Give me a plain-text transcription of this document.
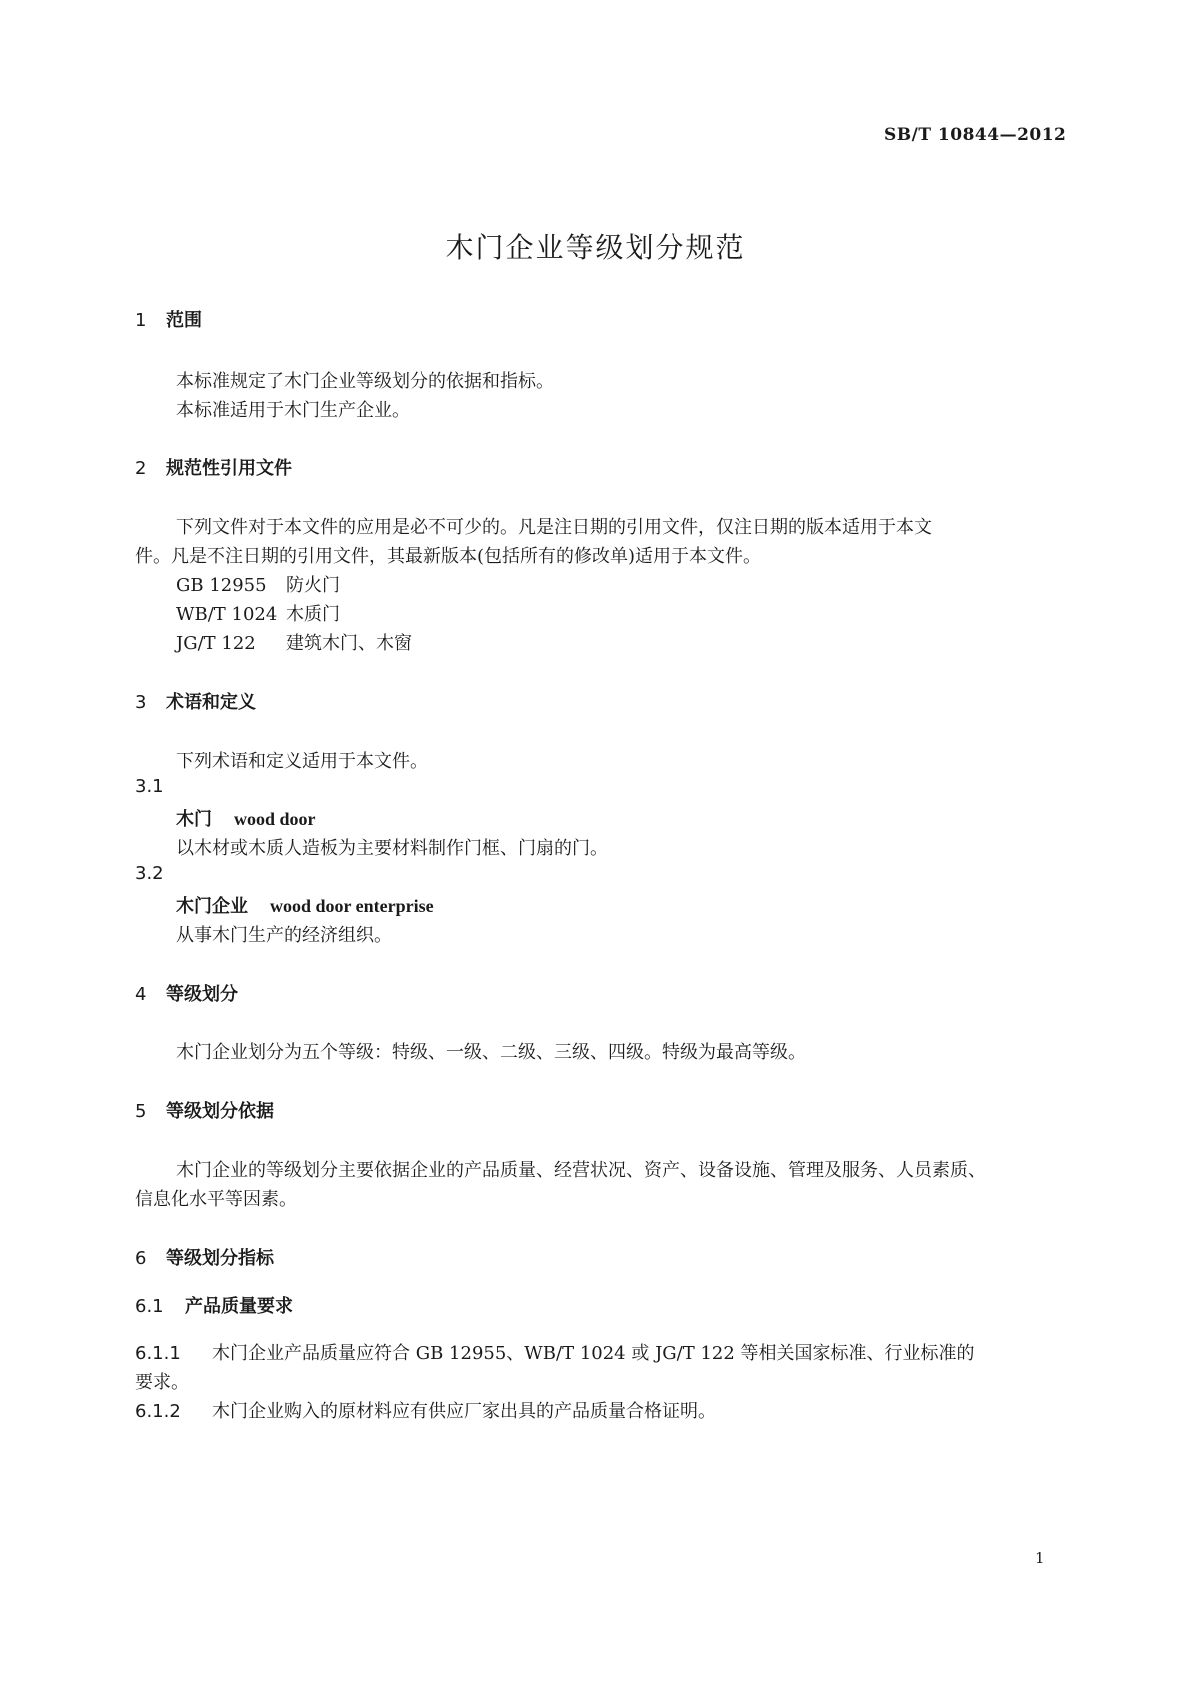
SB/T 10844—2012
木门企业等级划分规范
1 范围
本标准规定了木门企业等级划分的依据和指标。
本标准适用于木门生产企业。
2 规范性引用文件
下列文件对于本文件的应用是必不可少的。凡是注日期的引用文件，仅注日期的版本适用于本文
件。凡是不注日期的引用文件，其最新版本(包括所有的修改单)适用于本文件。
GB 12955 防火门
WB/T 1024 木质门
JG/T 122 建筑木门、木窗
3 术语和定义
下列术语和定义适用于本文件。
3.1
木门 wood door
以木材或木质人造板为主要材料制作门框、门扇的门。
3.2
木门企业 wood door enterprise
从事木门生产的经济组织。
4 等级划分
木门企业划分为五个等级：特级、一级、二级、三级、四级。特级为最高等级。
5 等级划分依据
木门企业的等级划分主要依据企业的产品质量、经营状况、资产、设备设施、管理及服务、人员素质、
信息化水平等因素。
6 等级划分指标
6.1 产品质量要求
6.1.1 木门企业产品质量应符合 GB 12955、WB/T 1024 或 JG/T 122 等相关国家标准、行业标准的
要求。
6.1.2 木门企业购入的原材料应有供应厂家出具的产品质量合格证明。
1
